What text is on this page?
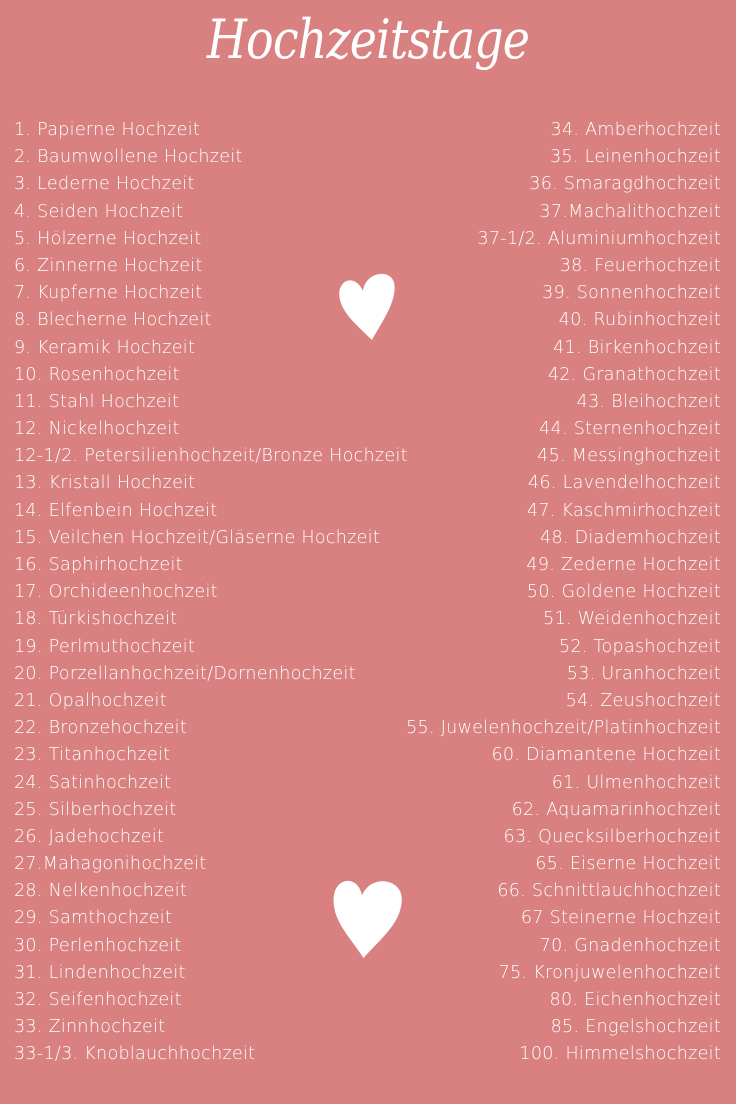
Hochzeitstage
1. Papierne Hochzeit
2. Baumwollene Hochzeit
3. Lederne Hochzeit
4. Seiden Hochzeit
5. Hölzerne Hochzeit
6. Zinnerne Hochzeit
7. Kupferne Hochzeit
8. Blecherne Hochzeit
9. Keramik Hochzeit
10. Rosenhochzeit
11. Stahl Hochzeit
12. Nickelhochzeit
12-1/2. Petersilienhochzeit/Bronze Hochzeit
13. Kristall Hochzeit
14. Elfenbein Hochzeit
15. Veilchen Hochzeit/Gläserne Hochzeit
16. Saphirhochzeit
17. Orchideenhochzeit
18. Türkishochzeit
19. Perlmuthochzeit
20. Porzellanhochzeit/Dornenhochzeit
21. Opalhochzeit
22. Bronzehochzeit
23. Titanhochzeit
24. Satinhochzeit
25. Silberhochzeit
26. Jadehochzeit
27.Mahagonihochzeit
28. Nelkenhochzeit
29. Samthochzeit
30. Perlenhochzeit
31. Lindenhochzeit
32. Seifenhochzeit
33. Zinnhochzeit
33-1/3. Knoblauchhochzeit
34. Amberhochzeit
35. Leinenhochzeit
36. Smaragdhochzeit
37.Machalithochzeit
37-1/2. Aluminiumhochzeit
38. Feuerhochzeit
39. Sonnenhochzeit
40. Rubinhochzeit
41. Birkenhochzeit
42. Granathochzeit
43. Bleihochzeit
44. Sternenhochzeit
45. Messinghochzeit
46. Lavendelhochzeit
47. Kaschmirhochzeit
48. Diademhochzeit
49. Zederne Hochzeit
50. Goldene Hochzeit
51. Weidenhochzeit
52. Topashochzeit
53. Uranhochzeit
54. Zeushochzeit
55. Juwelenhochzeit/Platinhochzeit
60. Diamantene Hochzeit
61. Ulmenhochzeit
62. Aquamarinhochzeit
63. Quecksilberhochzeit
65. Eiserne Hochzeit
66. Schnittlauchhochzeit
67 Steinerne Hochzeit
70. Gnadenhochzeit
75. Kronjuwelenhochzeit
80. Eichenhochzeit
85. Engelshochzeit
100. Himmelshochzeit
